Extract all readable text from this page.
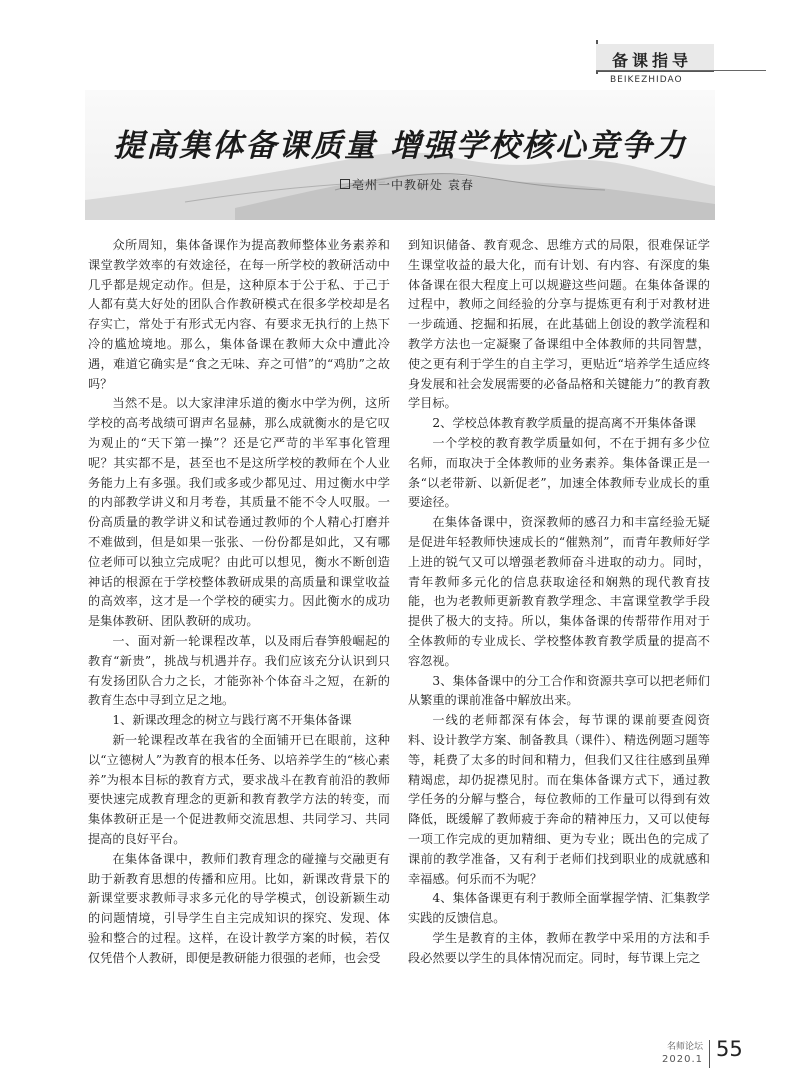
备课指导
BEIKEZHIDAO
提高集体备课质量 增强学校核心竞争力
亳州一中教研处 袁春

众所周知，集体备课作为提高教师整体业务素养和课堂教学效率的有效途径，在每一所学校的教研活动中几乎都是规定动作。但是，这种原本于公于私、于己于人都有莫大好处的团队合作教研模式在很多学校却是名存实亡，常处于有形式无内容、有要求无执行的上热下冷的尴尬境地。那么，集体备课在教师大众中遭此冷遇，难道它确实是“食之无味、弃之可惜”的“鸡肋”之故吗？

当然不是。以大家津津乐道的衡水中学为例，这所学校的高考战绩可谓声名显赫，那么成就衡水的是它叹为观止的“天下第一操”？还是它严苛的半军事化管理呢？其实都不是，甚至也不是这所学校的教师在个人业务能力上有多强。我们或多或少都见过、用过衡水中学的内部教学讲义和月考卷，其质量不能不令人叹服。一份高质量的教学讲义和试卷通过教师的个人精心打磨并不难做到，但是如果一张张、一份份都是如此，又有哪位老师可以独立完成呢？由此可以想见，衡水不断创造神话的根源在于学校整体教研成果的高质量和课堂收益的高效率，这才是一个学校的硬实力。因此衡水的成功是集体教研、团队教研的成功。

一、面对新一轮课程改革，以及雨后春笋般崛起的教育“新贵”，挑战与机遇并存。我们应该充分认识到只有发扬团队合力之长，才能弥补个体奋斗之短，在新的教育生态中寻到立足之地。

1、新课改理念的树立与践行离不开集体备课

新一轮课程改革在我省的全面铺开已在眼前，这种以“立德树人”为教育的根本任务、以培养学生的“核心素养”为根本目标的教育方式，要求战斗在教育前沿的教师要快速完成教育理念的更新和教育教学方法的转变，而集体教研正是一个促进教师交流思想、共同学习、共同提高的良好平台。

在集体备课中，教师们教育理念的碰撞与交融更有助于新教育思想的传播和应用。比如，新课改背景下的新课堂要求教师寻求多元化的导学模式，创设新颖生动的问题情境，引导学生自主完成知识的探究、发现、体验和整合的过程。这样，在设计教学方案的时候，若仅仅凭借个人教研，即便是教研能力很强的老师，也会受

到知识储备、教育观念、思维方式的局限，很难保证学生课堂收益的最大化，而有计划、有内容、有深度的集体备课在很大程度上可以规避这些问题。在集体备课的过程中，教师之间经验的分享与提炼更有利于对教材进一步疏通、挖掘和拓展，在此基础上创设的教学流程和教学方法也一定凝聚了备课组中全体教师的共同智慧，使之更有利于学生的自主学习，更贴近“培养学生适应终身发展和社会发展需要的必备品格和关键能力”的教育教学目标。

2、学校总体教育教学质量的提高离不开集体备课

一个学校的教育教学质量如何，不在于拥有多少位名师，而取决于全体教师的业务素养。集体备课正是一条“以老带新、以新促老”，加速全体教师专业成长的重要途径。

在集体备课中，资深教师的感召力和丰富经验无疑是促进年轻教师快速成长的“催熟剂”，而青年教师好学上进的锐气又可以增强老教师奋斗进取的动力。同时，青年教师多元化的信息获取途径和娴熟的现代教育技能，也为老教师更新教育教学理念、丰富课堂教学手段提供了极大的支持。所以，集体备课的传帮带作用对于全体教师的专业成长、学校整体教育教学质量的提高不容忽视。

3、集体备课中的分工合作和资源共享可以把老师们从繁重的课前准备中解放出来。

一线的老师都深有体会，每节课的课前要查阅资料、设计教学方案、制备教具（课件）、精选例题习题等等，耗费了太多的时间和精力，但我们又往往感到虽殚精竭虑，却仍捉襟见肘。而在集体备课方式下，通过教学任务的分解与整合，每位教师的工作量可以得到有效降低，既缓解了教师疲于奔命的精神压力，又可以使每一项工作完成的更加精细、更为专业；既出色的完成了课前的教学准备，又有利于老师们找到职业的成就感和幸福感。何乐而不为呢？

4、集体备课更有利于教师全面掌握学情、汇集教学实践的反馈信息。

学生是教育的主体，教师在教学中采用的方法和手段必然要以学生的具体情况而定。同时，每节课上完之

名师论坛
2020.1 55
